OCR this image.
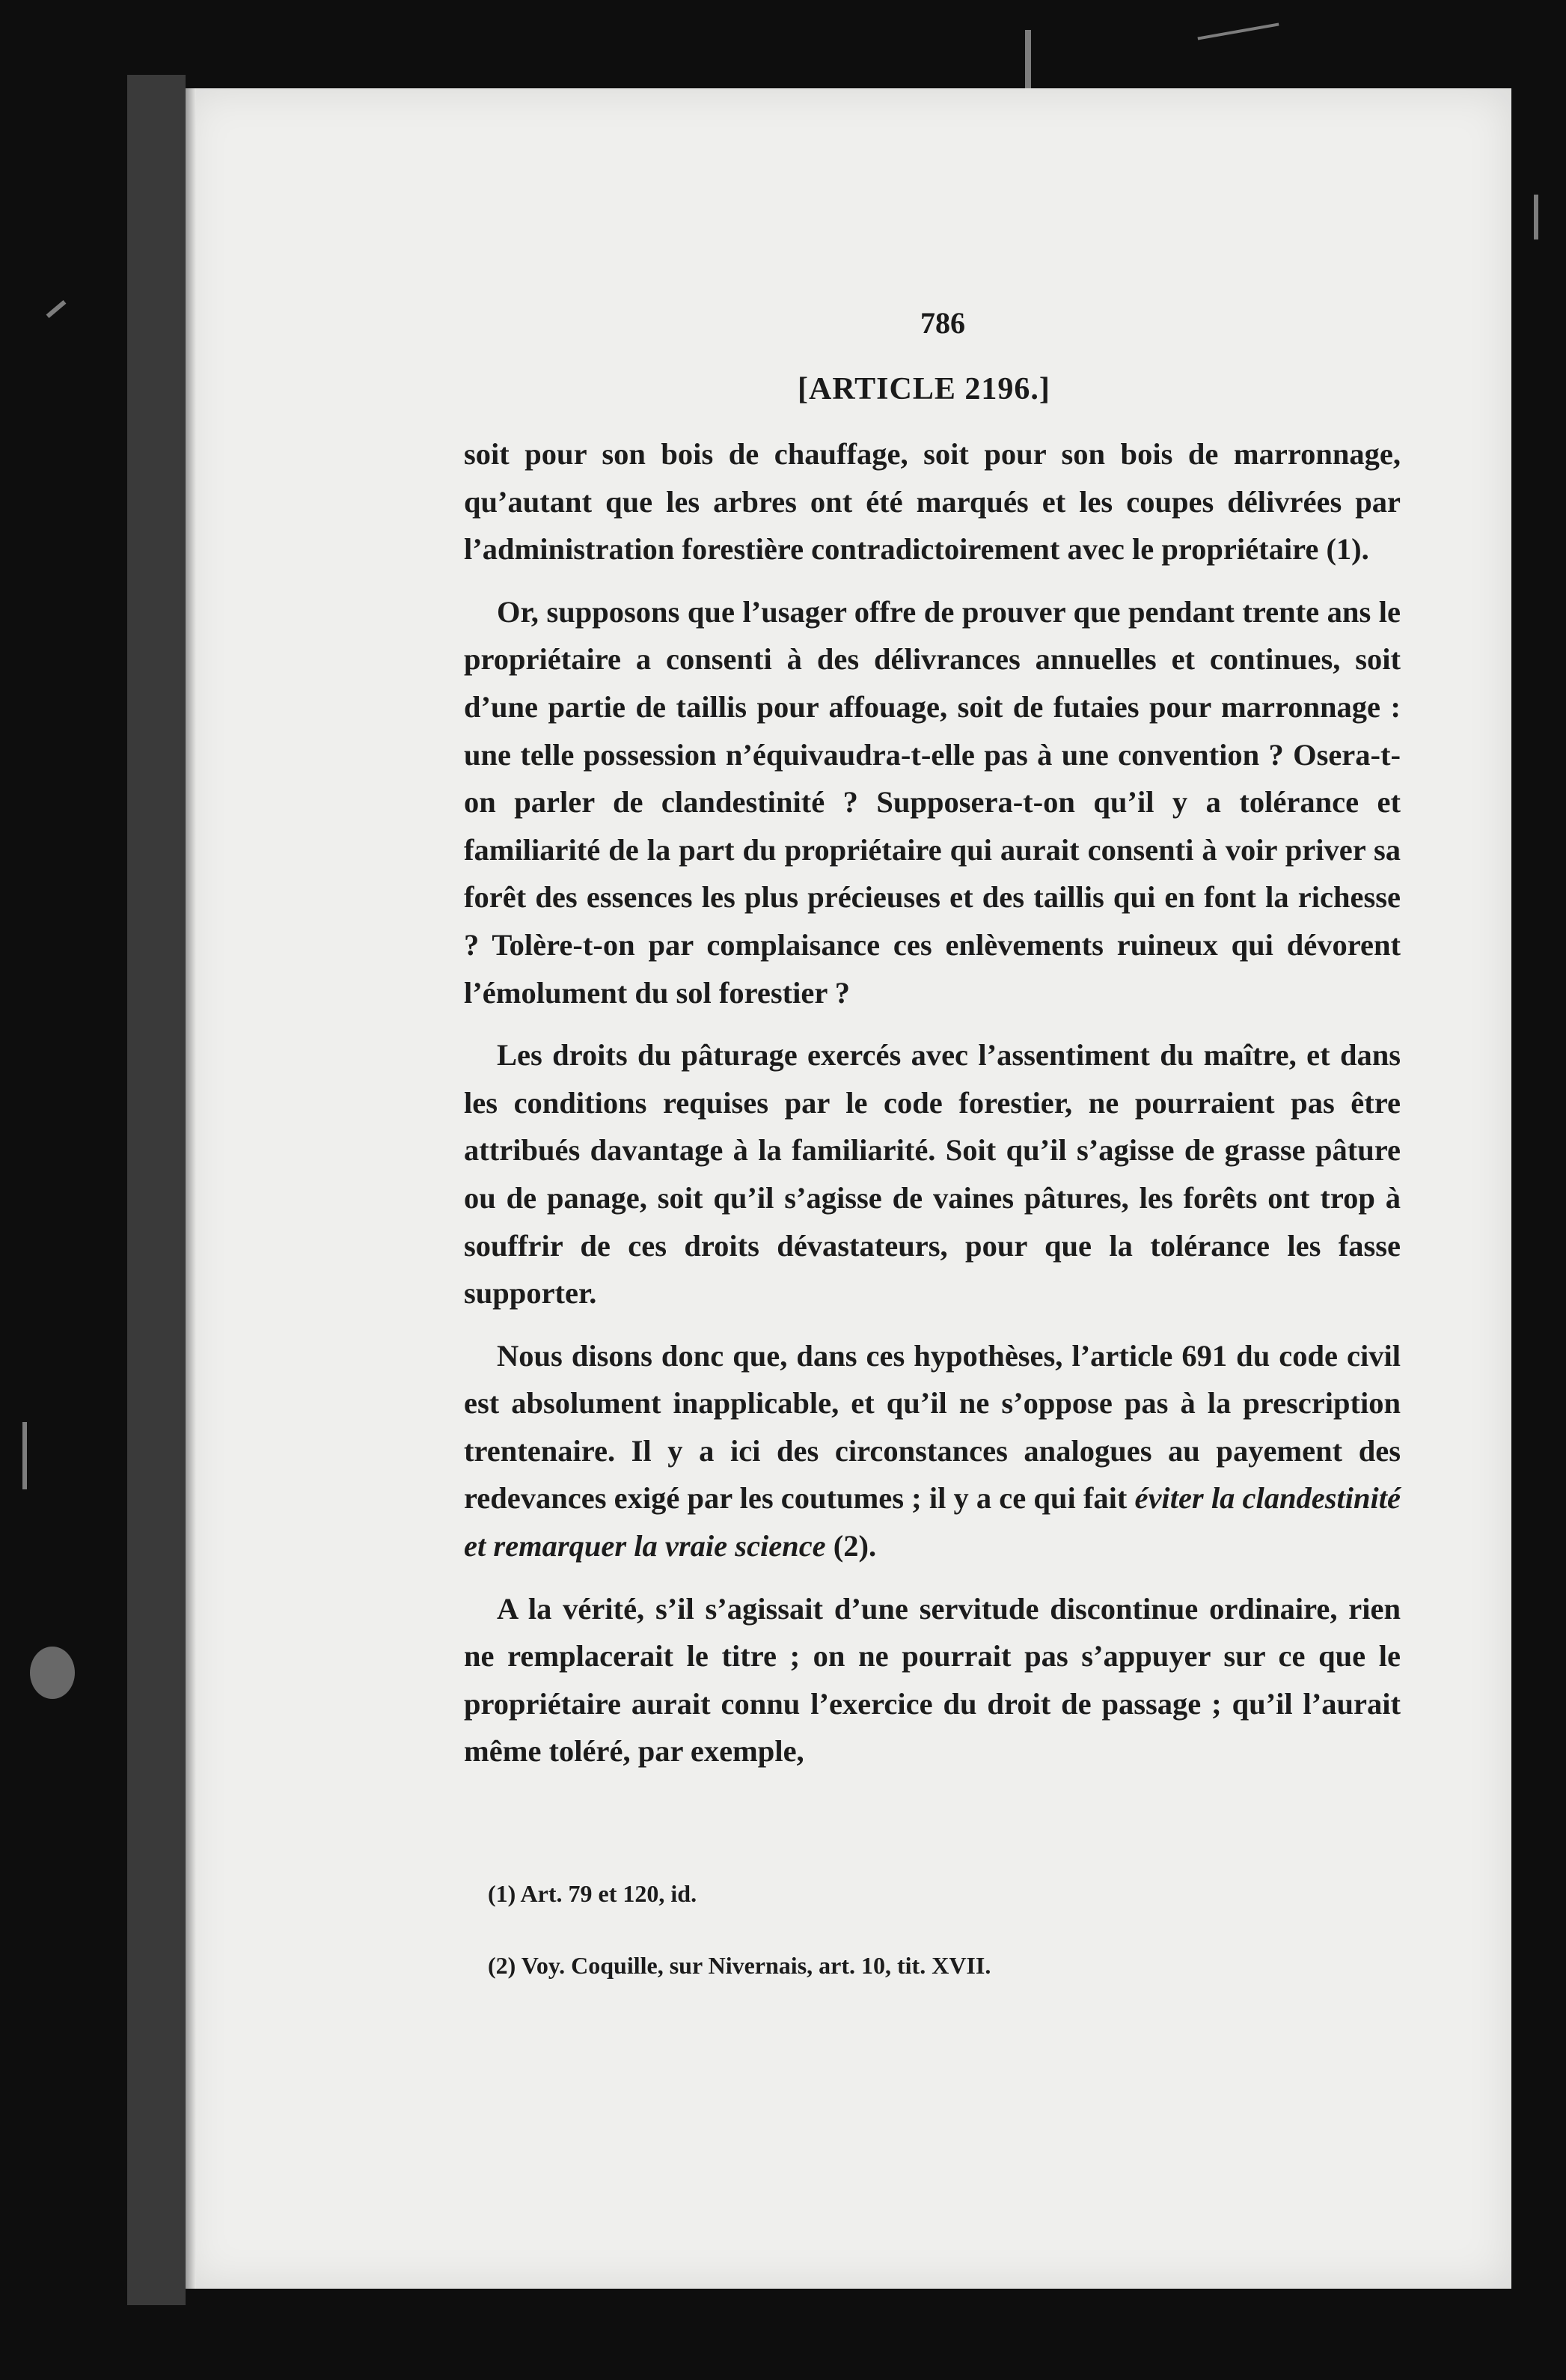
786
[ARTICLE 2196.]

soit pour son bois de chauffage, soit pour son bois de marronnage, qu’autant que les arbres ont été marqués et les coupes délivrées par l’administration forestière contradictoirement avec le propriétaire (1).

Or, supposons que l’usager offre de prouver que pendant trente ans le propriétaire a consenti à des délivrances annuelles et continues, soit d’une partie de taillis pour affouage, soit de futaies pour marronnage : une telle possession n’équivaudra-t-elle pas à une convention ? Osera-t-on parler de clandestinité ? Supposera-t-on qu’il y a tolérance et familiarité de la part du propriétaire qui aurait consenti à voir priver sa forêt des essences les plus précieuses et des taillis qui en font la richesse ? Tolère-t-on par complaisance ces enlèvements ruineux qui dévorent l’émolument du sol forestier ?

Les droits du pâturage exercés avec l’assentiment du maître, et dans les conditions requises par le code forestier, ne pourraient pas être attribués davantage à la familiarité. Soit qu’il s’agisse de grasse pâture ou de panage, soit qu’il s’agisse de vaines pâtures, les forêts ont trop à souffrir de ces droits dévastateurs, pour que la tolérance les fasse supporter.

Nous disons donc que, dans ces hypothèses, l’article 691 du code civil est absolument inapplicable, et qu’il ne s’oppose pas à la prescription trentenaire. Il y a ici des circonstances analogues au payement des redevances exigé par les coutumes ; il y a ce qui fait éviter la clandestinité et remarquer la vraie science (2).

A la vérité, s’il s’agissait d’une servitude discontinue ordinaire, rien ne remplacerait le titre ; on ne pourrait pas s’appuyer sur ce que le propriétaire aurait connu l’exercice du droit de passage ; qu’il l’aurait même toléré, par exemple,

(1) Art. 79 et 120, id.
(2) Voy. Coquille, sur Nivernais, art. 10, tit. XVII.
